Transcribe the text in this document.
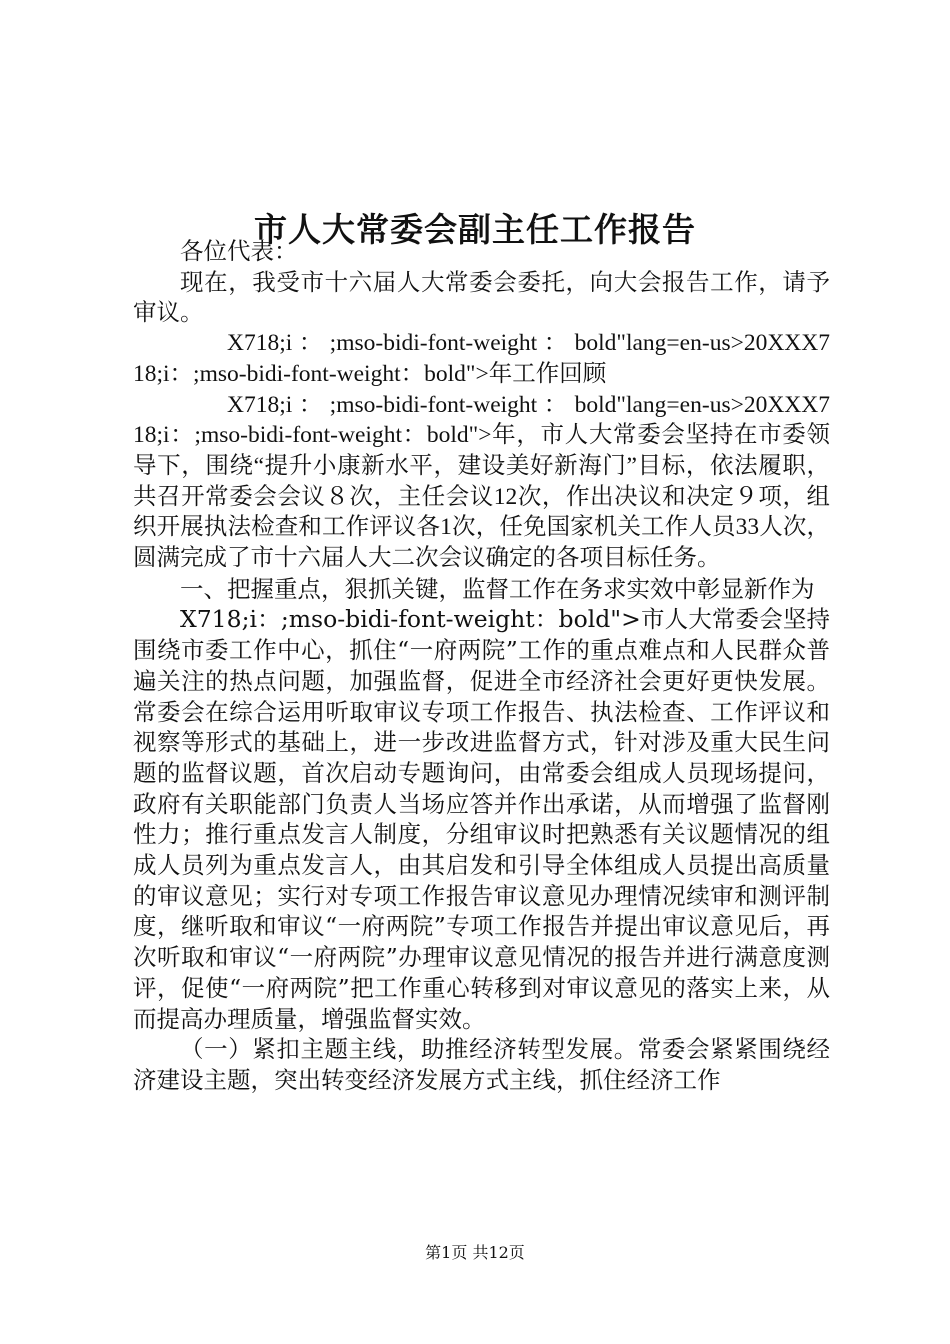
市人大常委会副主任工作报告

各位代表：

现在，我受市十六届人大常委会委托，向大会报告工作，请予审议。

X718;i ： ;mso-bidi-font-weight ： bold"lang=en-us>20XXX718;i：;mso-bidi-font-weight：bold">年工作回顾

X718;i ： ;mso-bidi-font-weight ： bold"lang=en-us>20XXX718;i：;mso-bidi-font-weight：bold">年，市人大常委会坚持在市委领导下，围绕“提升小康新水平，建设美好新海门”目标，依法履职，共召开常委会会议８次，主任会议12次，作出决议和决定９项，组织开展执法检查和工作评议各1次，任免国家机关工作人员33人次，圆满完成了市十六届人大二次会议确定的各项目标任务。

一、把握重点，狠抓关键，监督工作在务求实效中彰显新作为

X718;i：;mso-bidi-font-weight：bold">市人大常委会坚持围绕市委工作中心，抓住“一府两院”工作的重点难点和人民群众普遍关注的热点问题，加强监督，促进全市经济社会更好更快发展。常委会在综合运用听取审议专项工作报告、执法检查、工作评议和视察等形式的基础上，进一步改进监督方式，针对涉及重大民生问题的监督议题，首次启动专题询问，由常委会组成人员现场提问，政府有关职能部门负责人当场应答并作出承诺，从而增强了监督刚性力；推行重点发言人制度，分组审议时把熟悉有关议题情况的组成人员列为重点发言人，由其启发和引导全体组成人员提出高质量的审议意见；实行对专项工作报告审议意见办理情况续审和测评制度，继听取和审议“一府两院”专项工作报告并提出审议意见后，再次听取和审议“一府两院”办理审议意见情况的报告并进行满意度测评，促使“一府两院”把工作重心转移到对审议意见的落实上来，从而提高办理质量，增强监督实效。

（一）紧扣主题主线，助推经济转型发展。常委会紧紧围绕经济建设主题，突出转变经济发展方式主线，抓住经济工作

第1页 共12页
